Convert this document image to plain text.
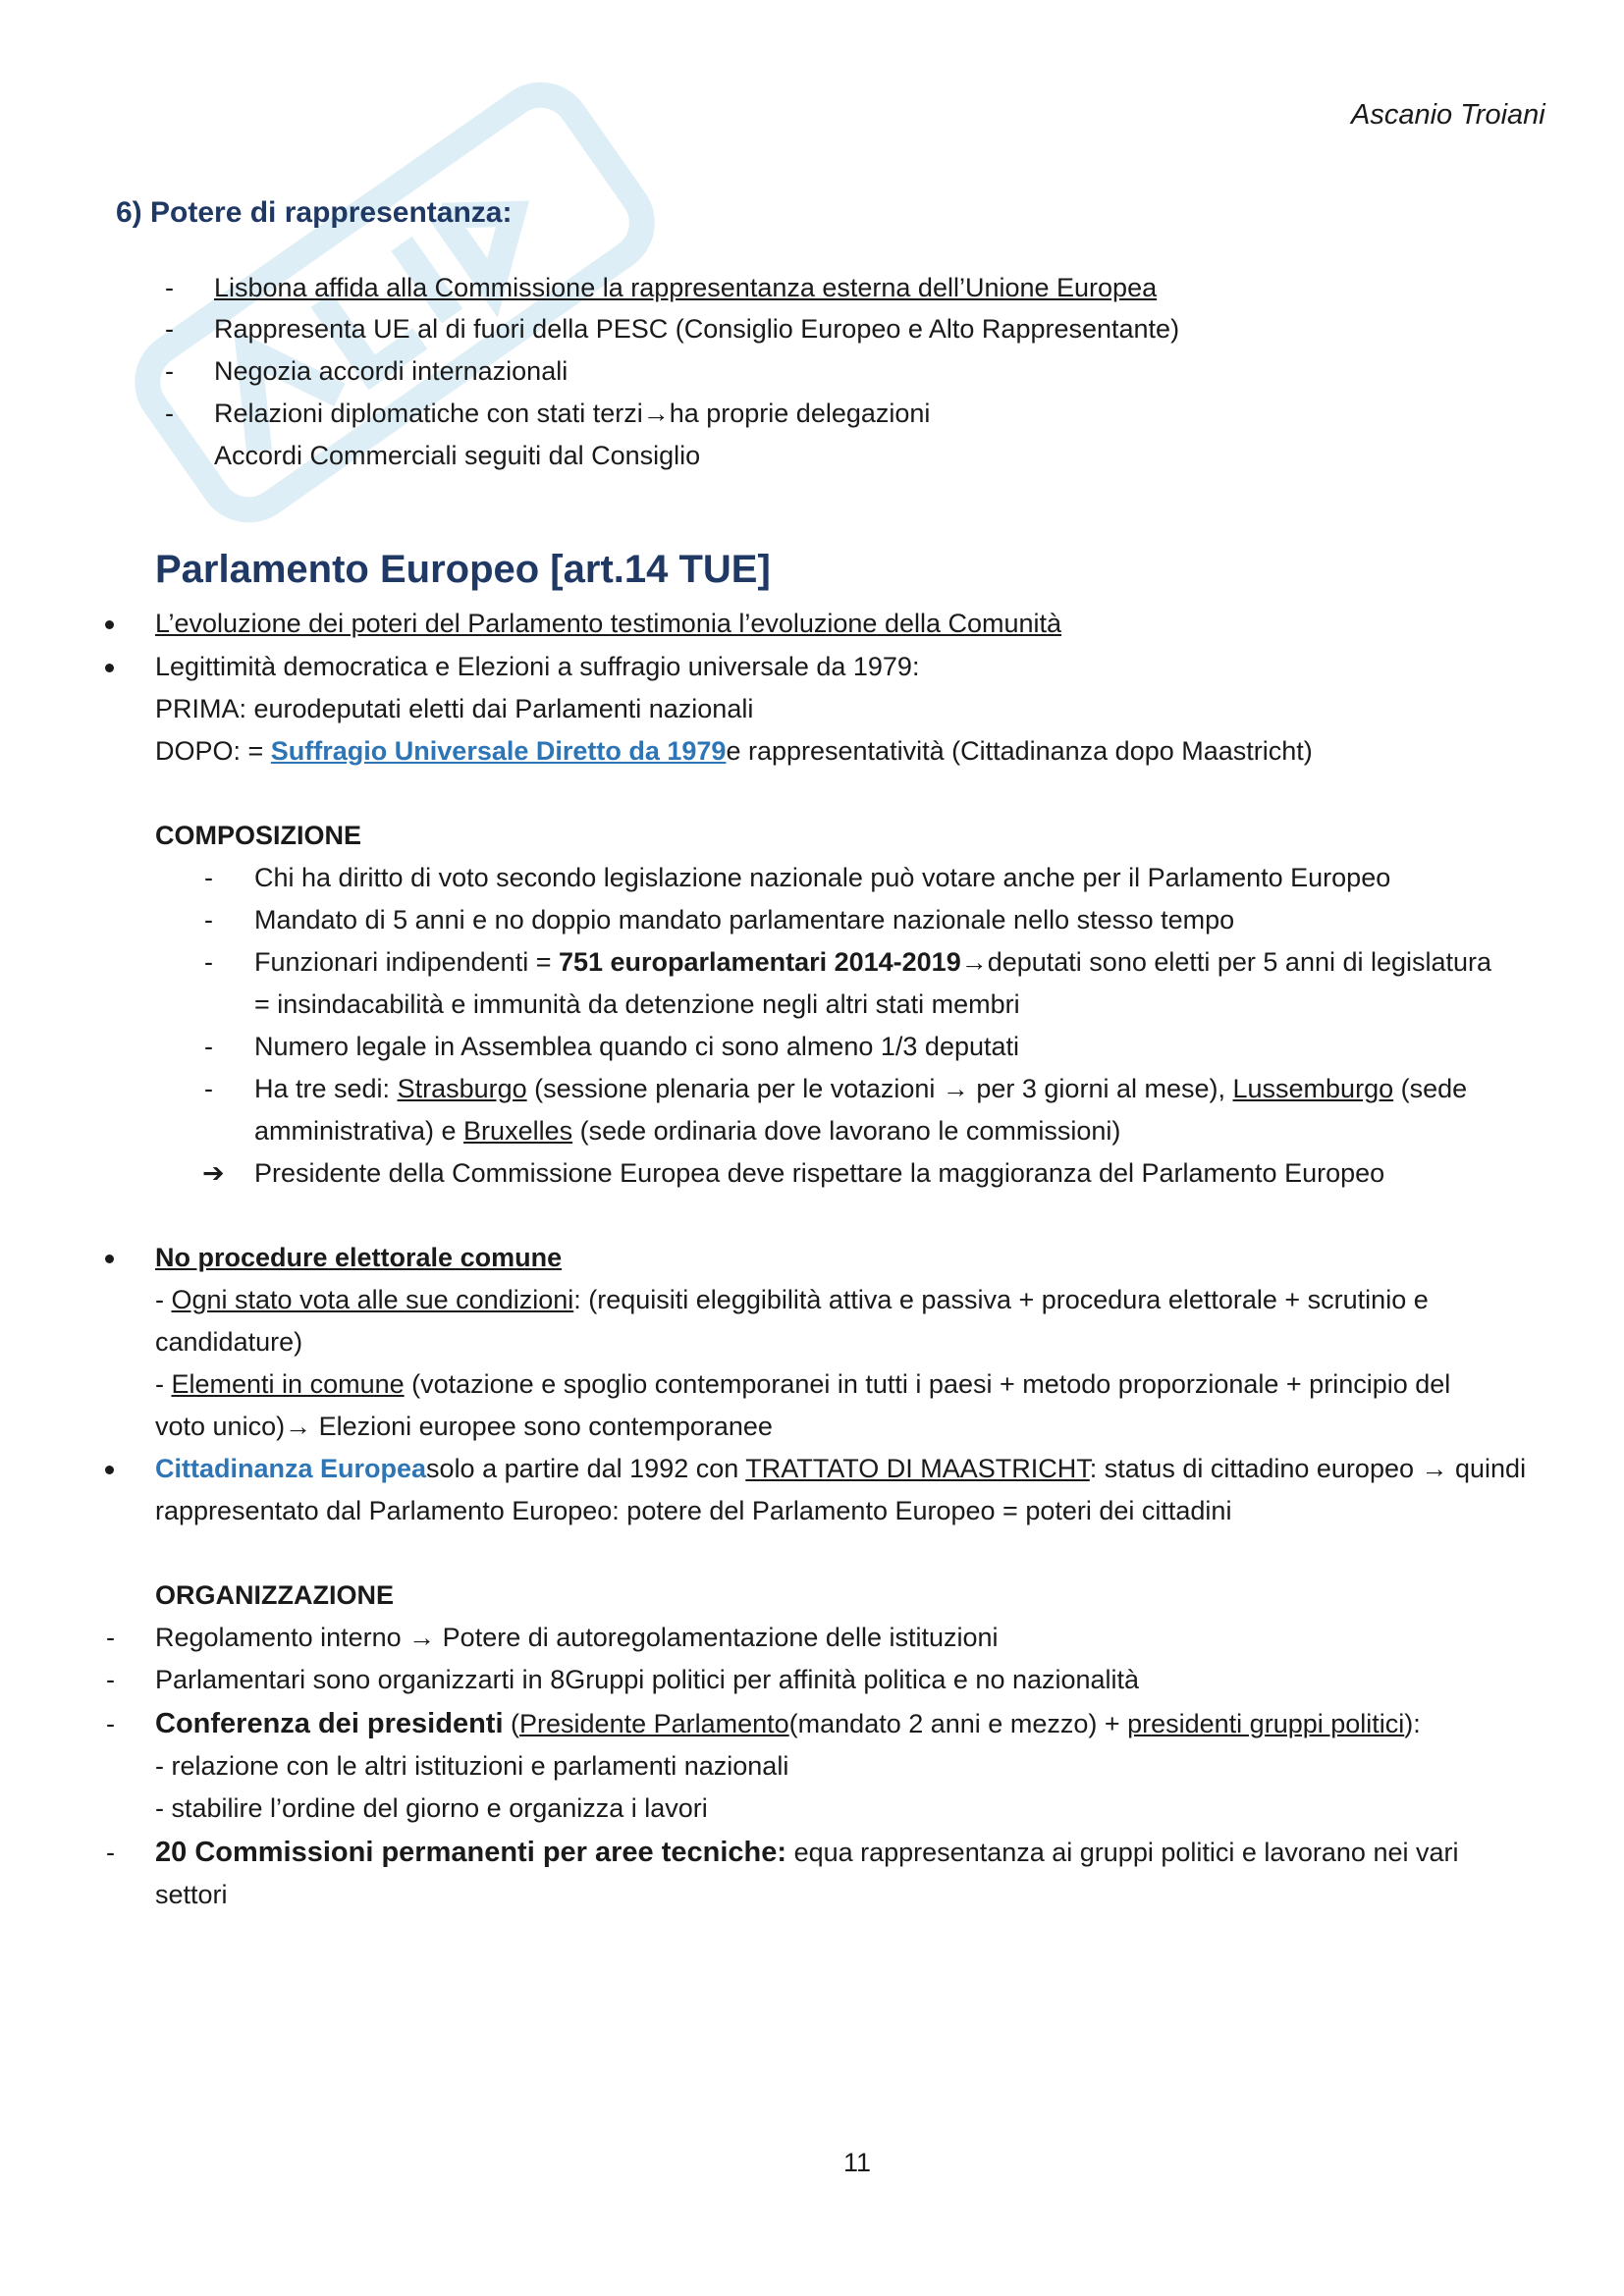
Ascanio Troiani
6) Potere di rappresentanza:
- Lisbona affida alla Commissione la rappresentanza esterna dell’Unione Europea
- Rappresenta UE al di fuori della PESC (Consiglio Europeo e Alto Rappresentante)
- Negozia accordi internazionali
- Relazioni diplomatiche con stati terzi→ha proprie delegazioni
Accordi Commerciali seguiti dal Consiglio
Parlamento Europeo [art.14 TUE]
L’evoluzione dei poteri del Parlamento testimonia l’evoluzione della Comunità
Legittimità democratica e Elezioni a suffragio universale da 1979:
PRIMA: eurodeputati eletti dai Parlamenti nazionali
DOPO: = Suffragio Universale Diretto da 1979e rappresentatività (Cittadinanza dopo Maastricht)
COMPOSIZIONE
- Chi ha diritto di voto secondo legislazione nazionale può votare anche per il Parlamento Europeo
- Mandato di 5 anni e no doppio mandato parlamentare nazionale nello stesso tempo
- Funzionari indipendenti = 751 europarlamentari 2014-2019→deputati sono eletti per 5 anni di legislatura
= insindacabilità e immunità da detenzione negli altri stati membri
- Numero legale in Assemblea quando ci sono almeno 1/3 deputati
- Ha tre sedi: Strasburgo (sessione plenaria per le votazioni → per 3 giorni al mese), Lussemburgo (sede
amministrativa) e Bruxelles (sede ordinaria dove lavorano le commissioni)
➔ Presidente della Commissione Europea deve rispettare la maggioranza del Parlamento Europeo
No procedure elettorale comune
- Ogni stato vota alle sue condizioni: (requisiti eleggibilità attiva e passiva + procedura elettorale + scrutinio e
candidature)
- Elementi in comune (votazione e spoglio contemporanei in tutti i paesi + metodo proporzionale + principio del
voto unico)→ Elezioni europee sono contemporanee
Cittadinanza Europeasolo a partire dal 1992 con TRATTATO DI MAASTRICHT: status di cittadino europeo → quindi
rappresentato dal Parlamento Europeo: potere del Parlamento Europeo = poteri dei cittadini
ORGANIZZAZIONE
- Regolamento interno → Potere di autoregolamentazione delle istituzioni
- Parlamentari sono organizzarti in 8Gruppi politici per affinità politica e no nazionalità
- Conferenza dei presidenti (Presidente Parlamento(mandato 2 anni e mezzo) + presidenti gruppi politici):
- relazione con le altri istituzioni e parlamenti nazionali
- stabilire l’ordine del giorno e organizza i lavori
- 20 Commissioni permanenti per aree tecniche: equa rappresentanza ai gruppi politici e lavorano nei vari
settori
11
